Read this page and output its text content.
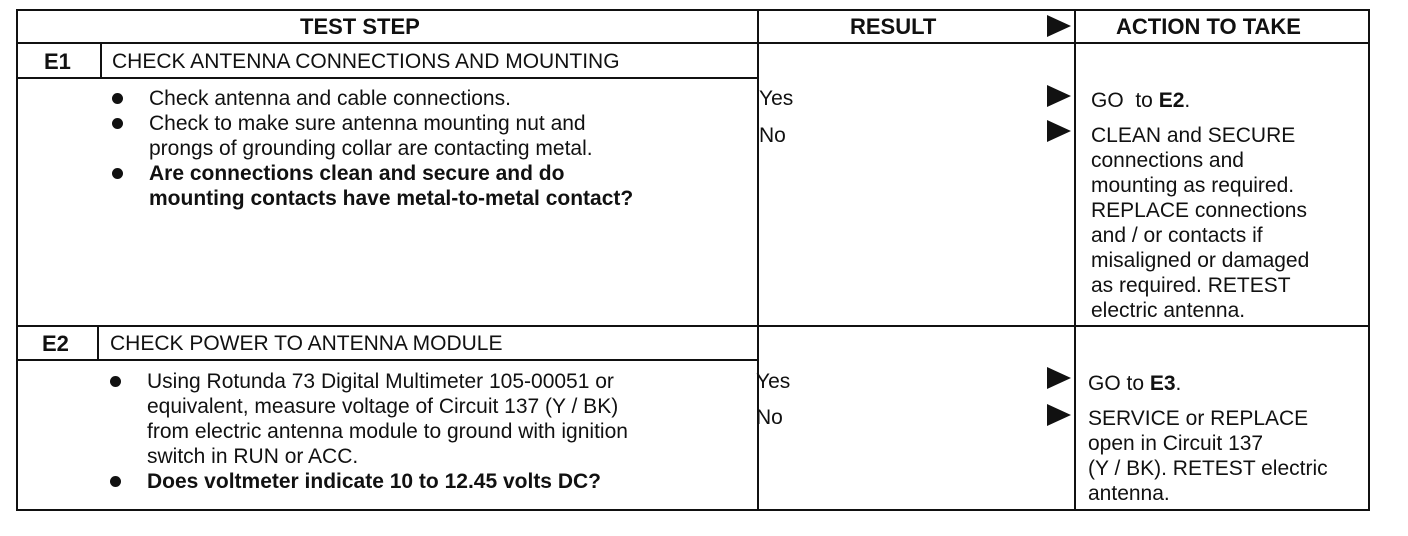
TEST STEP	RESULT	ACTION TO TAKE
E1 CHECK ANTENNA CONNECTIONS AND MOUNTING
Check antenna and cable connections.
Check to make sure antenna mounting nut and
prongs of grounding collar are contacting metal.
Are connections clean and secure and do
mounting contacts have metal-to-metal contact?
Yes
No
GO  to E2.
CLEAN and SECURE
connections and
mounting as required.
REPLACE connections
and / or contacts if
misaligned or damaged
as required. RETEST
electric antenna.
E2 CHECK POWER TO ANTENNA MODULE
Using Rotunda 73 Digital Multimeter 105-00051 or
equivalent, measure voltage of Circuit 137 (Y / BK)
from electric antenna module to ground with ignition
switch in RUN or ACC.
Does voltmeter indicate 10 to 12.45 volts DC?
Yes
No
GO to E3.
SERVICE or REPLACE
open in Circuit 137
(Y / BK). RETEST electric
antenna.
